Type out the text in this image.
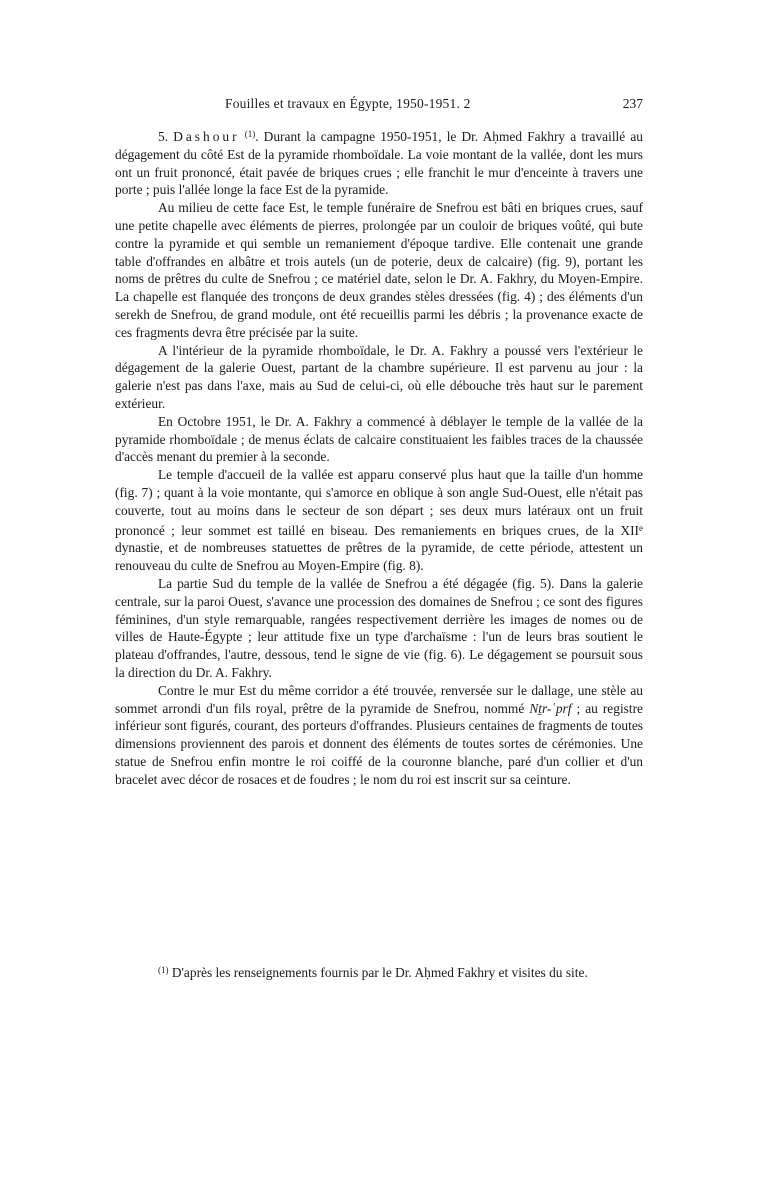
Fouilles et travaux en Égypte, 1950-1951. 2	237

5. Dashour $^{(1)}$. Durant la campagne 1950-1951, le Dr. Aḥmed Fakhry a travaillé au dégagement du côté Est de la pyramide rhomboïdale. La voie montant de la vallée, dont les murs ont un fruit prononcé, était pavée de briques crues ; elle franchit le mur d'enceinte à travers une porte ; puis l'allée longe la face Est de la pyramide.

Au milieu de cette face Est, le temple funéraire de Snefrou est bâti en briques crues, sauf une petite chapelle avec éléments de pierres, prolongée par un couloir de briques voûté, qui bute contre la pyramide et qui semble un remaniement d'époque tardive. Elle contenait une grande table d'offrandes en albâtre et trois autels (un de poterie, deux de calcaire) (fig. 9), portant les noms de prêtres du culte de Snefrou ; ce matériel date, selon le Dr. A. Fakhry, du Moyen-Empire. La chapelle est flanquée des tronçons de deux grandes stèles dressées (fig. 4) ; des éléments d'un serekh de Snefrou, de grand module, ont été recueillis parmi les débris ; la provenance exacte de ces fragments devra être précisée par la suite.

A l'intérieur de la pyramide rhomboïdale, le Dr. A. Fakhry a poussé vers l'extérieur le dégagement de la galerie Ouest, partant de la chambre supérieure. Il est parvenu au jour : la galerie n'est pas dans l'axe, mais au Sud de celui-ci, où elle débouche très haut sur le parement extérieur.

En Octobre 1951, le Dr. A. Fakhry a commencé à déblayer le temple de la vallée de la pyramide rhomboïdale ; de menus éclats de calcaire constituaient les faibles traces de la chaussée d'accès menant du premier à la seconde.

Le temple d'accueil de la vallée est apparu conservé plus haut que la taille d'un homme (fig. 7) ; quant à la voie montante, qui s'amorce en oblique à son angle Sud-Ouest, elle n'était pas couverte, tout au moins dans le secteur de son départ ; ses deux murs latéraux ont un fruit prononcé ; leur sommet est taillé en biseau. Des remaniements en briques crues, de la XIIe dynastie, et de nombreuses statuettes de prêtres de la pyramide, de cette période, attestent un renouveau du culte de Snefrou au Moyen-Empire (fig. 8).

La partie Sud du temple de la vallée de Snefrou a été dégagée (fig. 5). Dans la galerie centrale, sur la paroi Ouest, s'avance une procession des domaines de Snefrou ; ce sont des figures féminines, d'un style remarquable, rangées respectivement derrière les images de nomes ou de villes de Haute-Égypte ; leur attitude fixe un type d'archaïsme : l'un de leurs bras soutient le plateau d'offrandes, l'autre, dessous, tend le signe de vie (fig. 6). Le dégagement se poursuit sous la direction du Dr. A. Fakhry.

Contre le mur Est du même corridor a été trouvée, renversée sur le dallage, une stèle au sommet arrondi d'un fils royal, prêtre de la pyramide de Snefrou, nommé Nṯr-ʿprf ; au registre inférieur sont figurés, courant, des porteurs d'offrandes. Plusieurs centaines de fragments de toutes dimensions proviennent des parois et donnent des éléments de toutes sortes de cérémonies. Une statue de Snefrou enfin montre le roi coiffé de la couronne blanche, paré d'un collier et d'un bracelet avec décor de rosaces et de foudres ; le nom du roi est inscrit sur sa ceinture.

$^{(1)}$ D'après les renseignements fournis par le Dr. Aḥmed Fakhry et visites du site.
